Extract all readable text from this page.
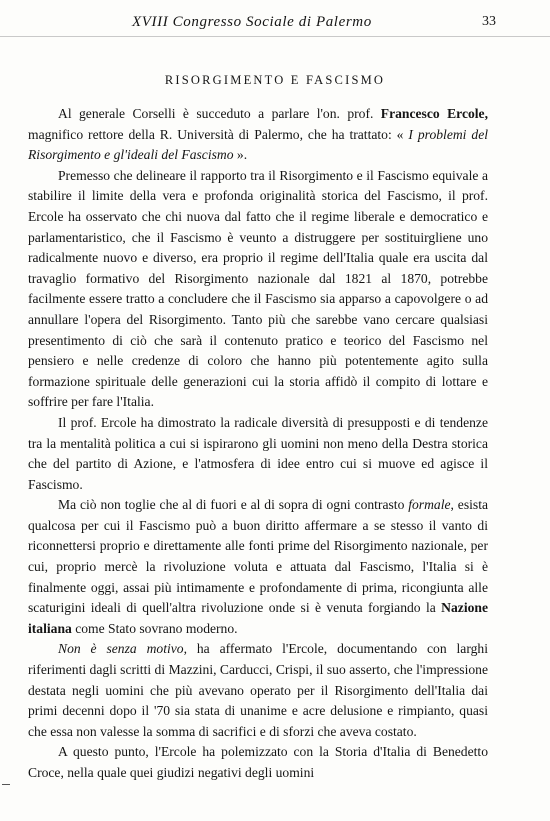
XVIII Congresso Sociale di Palermo	33
RISORGIMENTO E FASCISMO

Al generale Corselli è succeduto a parlare l'on. prof. Francesco Ercole, magnifico rettore della R. Università di Palermo, che ha trattato: « I problemi del Risorgimento e gl'ideali del Fascismo ».

Premesso che delineare il rapporto tra il Risorgimento e il Fascismo equivale a stabilire il limite della vera e profonda originalità storica del Fascismo, il prof. Ercole ha osservato che chi nuova dal fatto che il regime liberale e democratico e parlamentaristico, che il Fascismo è veunto a distruggere per sostituirgliene uno radicalmente nuovo e diverso, era proprio il regime dell'Italia quale era uscita dal travaglio formativo del Risorgimento nazionale dal 1821 al 1870, potrebbe facilmente essere tratto a concludere che il Fascismo sia apparso a capovolgere o ad annullare l'opera del Risorgimento. Tanto più che sarebbe vano cercare qualsiasi presentimento di ciò che sarà il contenuto pratico e teorico del Fascismo nel pensiero e nelle credenze di coloro che hanno più potentemente agito sulla formazione spirituale delle generazioni cui la storia affidò il compito di lottare e soffrire per fare l'Italia.

Il prof. Ercole ha dimostrato la radicale diversità di presupposti e di tendenze tra la mentalità politica a cui si ispirarono gli uomini non meno della Destra storica che del partito di Azione, e l'atmosfera di idee entro cui si muove ed agisce il Fascismo.

Ma ciò non toglie che al di fuori e al di sopra di ogni contrasto formale, esista qualcosa per cui il Fascismo può a buon diritto affermare a se stesso il vanto di riconnettersi proprio e direttamente alle fonti prime del Risorgimento nazionale, per cui, proprio mercè la rivoluzione voluta e attuata dal Fascismo, l'Italia si è finalmente oggi, assai più intimamente e profondamente di prima, ricongiunta alle scaturigini ideali di quell'altra rivoluzione onde si è venuta forgiando la Nazione italiana come Stato sovrano moderno.

Non è senza motivo, ha affermato l'Ercole, documentando con larghi riferimenti dagli scritti di Mazzini, Carducci, Crispi, il suo asserto, che l'impressione destata negli uomini che più avevano operato per il Risorgimento dell'Italia dai primi decenni dopo il '70 sia stata di unanime e acre delusione e rimpianto, quasi che essa non valesse la somma di sacrifici e di sforzi che aveva costato.

A questo punto, l'Ercole ha polemizzato con la Storia d'Italia di Benedetto Croce, nella quale quei giudizi negativi degli uomini
